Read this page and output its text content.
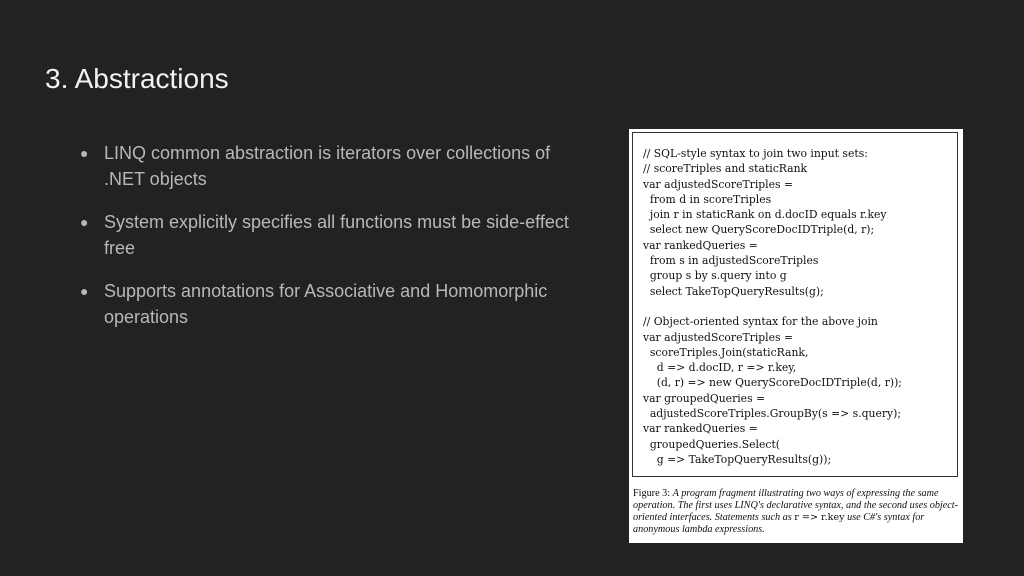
3. Abstractions
● LINQ common abstraction is iterators over collections of .NET objects
● System explicitly specifies all functions must be side-effect free
● Supports annotations for Associative and Homomorphic operations
// SQL-style syntax to join two input sets:
// scoreTriples and staticRank
var adjustedScoreTriples =
from d in scoreTriples
join r in staticRank on d.docID equals r.key
select new QueryScoreDocIDTriple(d, r);
var rankedQueries =
from s in adjustedScoreTriples
group s by s.query into g
select TakeTopQueryResults(g);
// Object-oriented syntax for the above join
var adjustedScoreTriples =
scoreTriples.Join(staticRank,
d => d.docID, r => r.key,
(d, r) => new QueryScoreDocIDTriple(d, r));
var groupedQueries =
adjustedScoreTriples.GroupBy(s => s.query);
var rankedQueries =
groupedQueries.Select(
g => TakeTopQueryResults(g));
Figure 3: A program fragment illustrating two ways of expressing the same operation. The first uses LINQ's declarative syntax, and the second uses object-oriented interfaces. Statements such as r => r.key use C#'s syntax for anonymous lambda expressions.
